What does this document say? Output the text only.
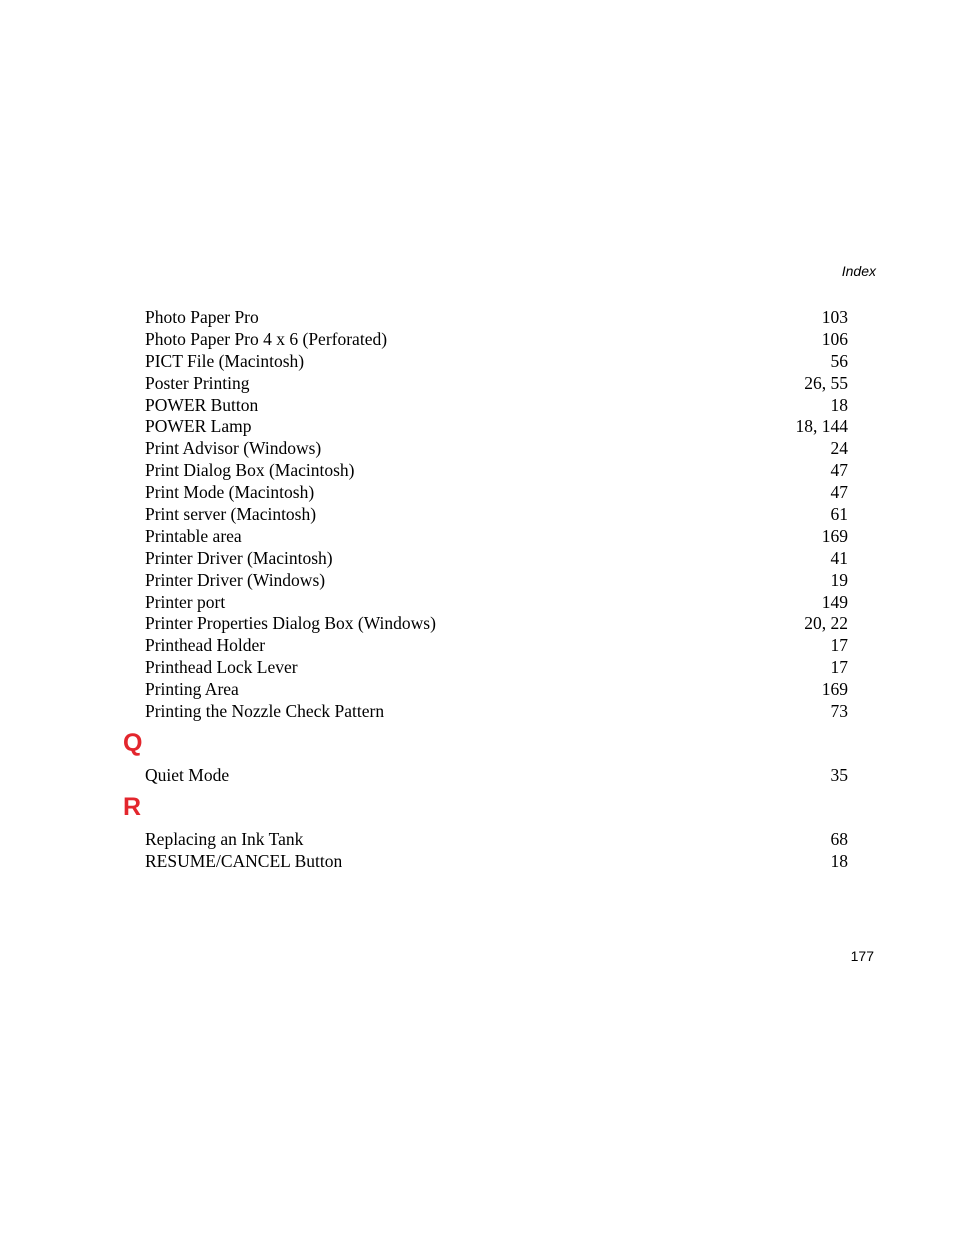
Index
Photo Paper Pro	103
Photo Paper Pro 4 x 6 (Perforated)	106
PICT File (Macintosh)	56
Poster Printing	26, 55
POWER Button	18
POWER Lamp	18, 144
Print Advisor (Windows)	24
Print Dialog Box (Macintosh)	47
Print Mode (Macintosh)	47
Print server (Macintosh)	61
Printable area	169
Printer Driver (Macintosh)	41
Printer Driver (Windows)	19
Printer port	149
Printer Properties Dialog Box (Windows)	20, 22
Printhead Holder	17
Printhead Lock Lever	17
Printing Area	169
Printing the Nozzle Check Pattern	73
Q
Quiet Mode	35
R
Replacing an Ink Tank	68
RESUME/CANCEL Button	18
177
